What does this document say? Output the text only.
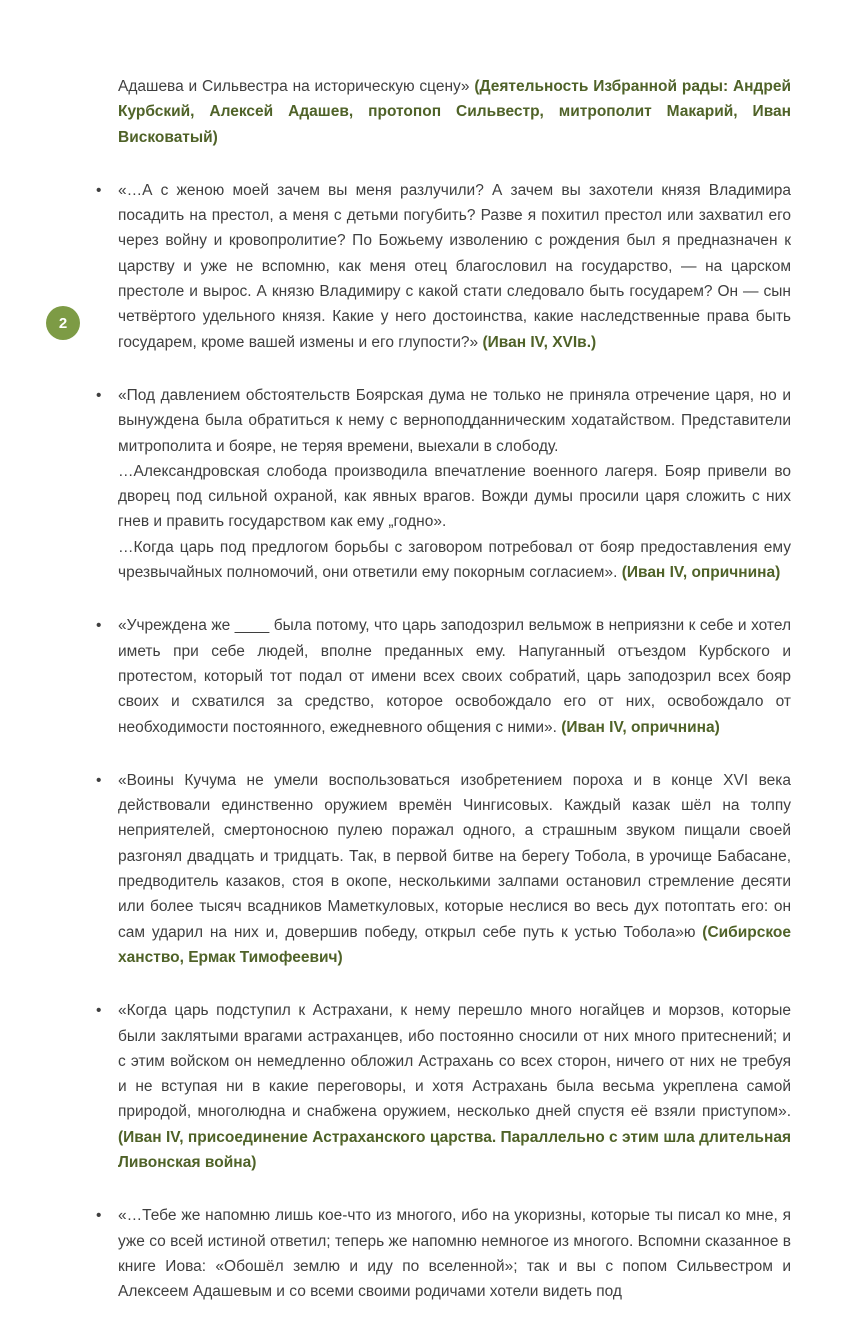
2

Адашева и Сильвестра на историческую сцену» (Деятельность Избранной рады: Андрей Курбский, Алексей Адашев, протопоп Сильвестр, митрополит Макарий, Иван Висковатый)

• «…А с женою моей зачем вы меня разлучили? А зачем вы захотели князя Владимира посадить на престол, а меня с детьми погубить? Разве я похитил престол или захватил его через войну и кровопролитие? По Божьему изволению с рождения был я предназначен к царству и уже не вспомню, как меня отец благословил на государство, — на царском престоле и вырос. А князю Владимиру с какой стати следовало быть государем? Он — сын четвёртого удельного князя. Какие у него достоинства, какие наследственные права быть государем, кроме вашей измены и его глупости?» (Иван IV, XVIв.)
• «Под давлением обстоятельств Боярская дума не только не приняла отречение царя, но и вынуждена была обратиться к нему с верноподданническим ходатайством. Представители митрополита и бояре, не теряя времени, выехали в слободу.
…Александровская слобода производила впечатление военного лагеря. Бояр привели во дворец под сильной охраной, как явных врагов. Вожди думы просили царя сложить с них гнев и править государством как ему „годно».
…Когда царь под предлогом борьбы с заговором потребовал от бояр предоставления ему чрезвычайных полномочий, они ответили ему покорным согласием». (Иван IV, опричнина)
• «Учреждена же ____ была потому, что царь заподозрил вельмож в неприязни к себе и хотел иметь при себе людей, вполне преданных ему. Напуганный отъездом Курбского и протестом, который тот подал от имени всех своих собратий, царь заподозрил всех бояр своих и схватился за средство, которое освобождало его от них, освобождало от необходимости постоянного, ежедневного общения с ними». (Иван IV, опричнина)
• «Воины Кучума не умели воспользоваться изобретением пороха и в конце XVI века действовали единственно оружием времён Чингисовых. Каждый казак шёл на толпу неприятелей, смертоносною пулею поражал одного, а страшным звуком пищали своей разгонял двадцать и тридцать. Так, в первой битве на берегу Тобола, в урочище Бабасане, предводитель казаков, стоя в окопе, несколькими залпами остановил стремление десяти или более тысяч всадников Маметкуловых, которые неслися во весь дух потоптать его: он сам ударил на них и, довершив победу, открыл себе путь к устью Тобола»ю (Сибирское ханство, Ермак Тимофеевич)
• «Когда царь подступил к Астрахани, к нему перешло много ногайцев и морзов, которые были заклятыми врагами астраханцев, ибо постоянно сносили от них много притеснений; и с этим войском он немедленно обложил Астрахань со всех сторон, ничего от них не требуя и не вступая ни в какие переговоры, и хотя Астрахань была весьма укреплена самой природой, многолюдна и снабжена оружием, несколько дней спустя её взяли приступом». (Иван IV, присоединение Астраханского царства. Параллельно с этим шла длительная Ливонская война)
• «…Тебе же напомню лишь кое-что из многого, ибо на укоризны, которые ты писал ко мне, я уже со всей истиной ответил; теперь же напомню немногое из многого. Вспомни сказанное в книге Иова: «Обошёл землю и иду по вселенной»; так и вы с попом Сильвестром и Алексеем Адашевым и со всеми своими родичами хотели видеть под
